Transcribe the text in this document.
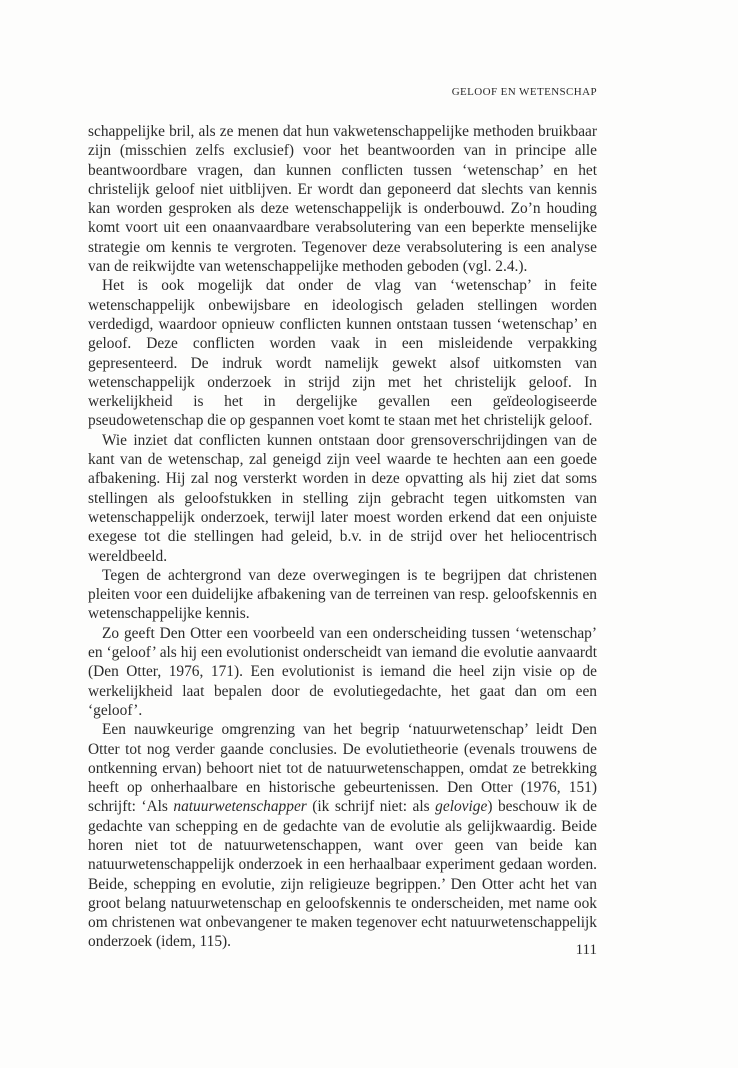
GELOOF EN WETENSCHAP

schappelijke bril, als ze menen dat hun vakwetenschappelijke methoden bruikbaar zijn (misschien zelfs exclusief) voor het beantwoorden van in principe alle beantwoordbare vragen, dan kunnen conflicten tussen ‘wetenschap’ en het christelijk geloof niet uitblijven. Er wordt dan geponeerd dat slechts van kennis kan worden gesproken als deze wetenschappelijk is onderbouwd. Zo’n houding komt voort uit een onaanvaardbare verabsolutering van een beperkte menselijke strategie om kennis te vergroten. Tegenover deze verabsolutering is een analyse van de reikwijdte van wetenschappelijke methoden geboden (vgl. 2.4.).

Het is ook mogelijk dat onder de vlag van ‘wetenschap’ in feite wetenschappelijk onbewijsbare en ideologisch geladen stellingen worden verdedigd, waardoor opnieuw conflicten kunnen ontstaan tussen ‘wetenschap’ en geloof. Deze conflicten worden vaak in een misleidende verpakking gepresenteerd. De indruk wordt namelijk gewekt alsof uitkomsten van wetenschappelijk onderzoek in strijd zijn met het christelijk geloof. In werkelijkheid is het in dergelijke gevallen een geïdeologiseerde pseudowetenschap die op gespannen voet komt te staan met het christelijk geloof.

Wie inziet dat conflicten kunnen ontstaan door grensoverschrijdingen van de kant van de wetenschap, zal geneigd zijn veel waarde te hechten aan een goede afbakening. Hij zal nog versterkt worden in deze opvatting als hij ziet dat soms stellingen als geloofstukken in stelling zijn gebracht tegen uitkomsten van wetenschappelijk onderzoek, terwijl later moest worden erkend dat een onjuiste exegese tot die stellingen had geleid, b.v. in de strijd over het heliocentrisch wereldbeeld.

Tegen de achtergrond van deze overwegingen is te begrijpen dat christenen pleiten voor een duidelijke afbakening van de terreinen van resp. geloofskennis en wetenschappelijke kennis.

Zo geeft Den Otter een voorbeeld van een onderscheiding tussen ‘wetenschap’ en ‘geloof’ als hij een evolutionist onderscheidt van iemand die evolutie aanvaardt (Den Otter, 1976, 171). Een evolutionist is iemand die heel zijn visie op de werkelijkheid laat bepalen door de evolutiegedachte, het gaat dan om een ‘geloof’.

Een nauwkeurige omgrenzing van het begrip ‘natuurwetenschap’ leidt Den Otter tot nog verder gaande conclusies. De evolutietheorie (evenals trouwens de ontkenning ervan) behoort niet tot de natuurwetenschappen, omdat ze betrekking heeft op onherhaalbare en historische gebeurtenissen. Den Otter (1976, 151) schrijft: ‘Als natuurwetenschapper (ik schrijf niet: als gelovige) beschouw ik de gedachte van schepping en de gedachte van de evolutie als gelijkwaardig. Beide horen niet tot de natuurwetenschappen, want over geen van beide kan natuurwetenschappelijk onderzoek in een herhaalbaar experiment gedaan worden. Beide, schepping en evolutie, zijn religieuze begrippen.’ Den Otter acht het van groot belang natuurwetenschap en geloofskennis te onderscheiden, met name ook om christenen wat onbevangener te maken tegenover echt natuurwetenschappelijk onderzoek (idem, 115).	111
